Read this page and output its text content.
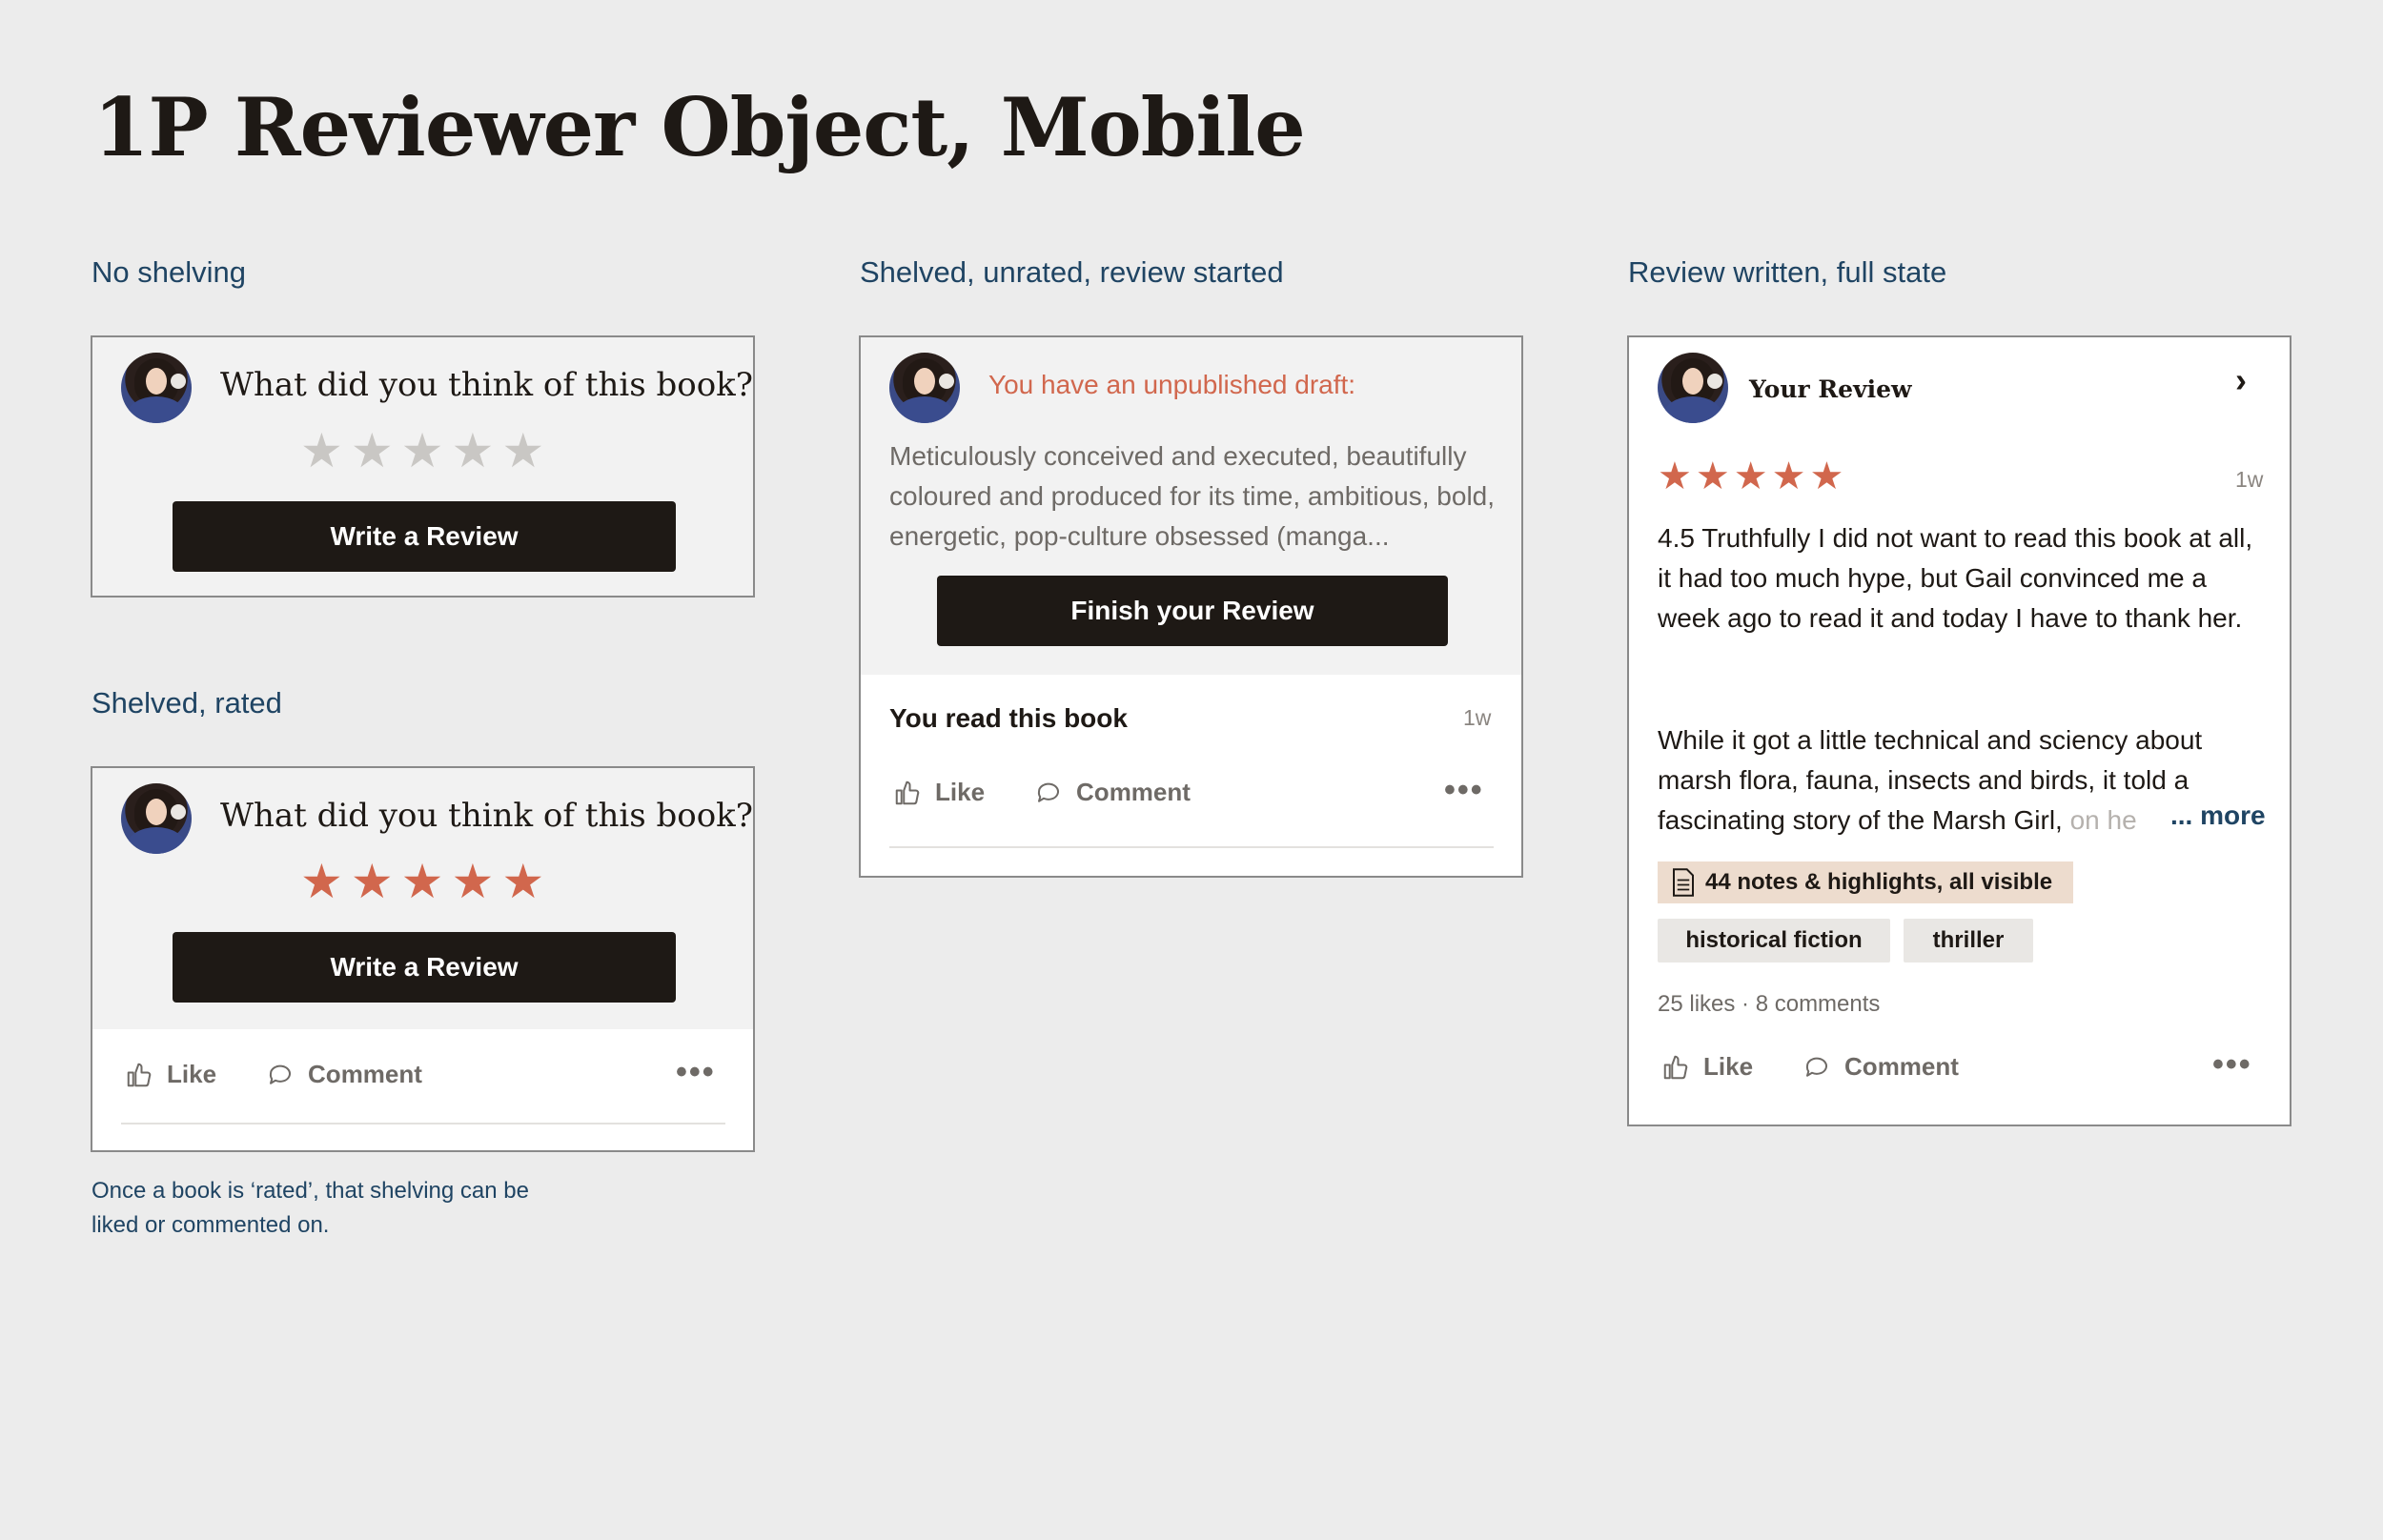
1P Reviewer Object, Mobile
No shelving	Shelved, unrated, review started	Review written, full state
Shelved, rated
What did you think of this book?
★ ★ ★ ★ ★
Write a Review
What did you think of this book?
★ ★ ★ ★ ★
Write a Review
Like	Comment	•••
Once a book is ‘rated’, that shelving can be liked or commented on.
You have an unpublished draft:
Meticulously conceived and executed, beautifully coloured and produced for its time, ambitious, bold, energetic, pop-culture obsessed (manga...
Finish your Review
You read this book	1w
Like	Comment	•••
Your Review	›
★ ★ ★ ★ ★	1w
4.5 Truthfully I did not want to read this book at all, it had too much hype, but Gail convinced me a week ago to read it and today I have to thank her.
While it got a little technical and sciency about marsh flora, fauna, insects and birds, it told a
fascinating story of the Marsh Girl, on he ... more
44 notes & highlights, all visible
historical fiction	thriller
25 likes · 8 comments
Like	Comment	•••
